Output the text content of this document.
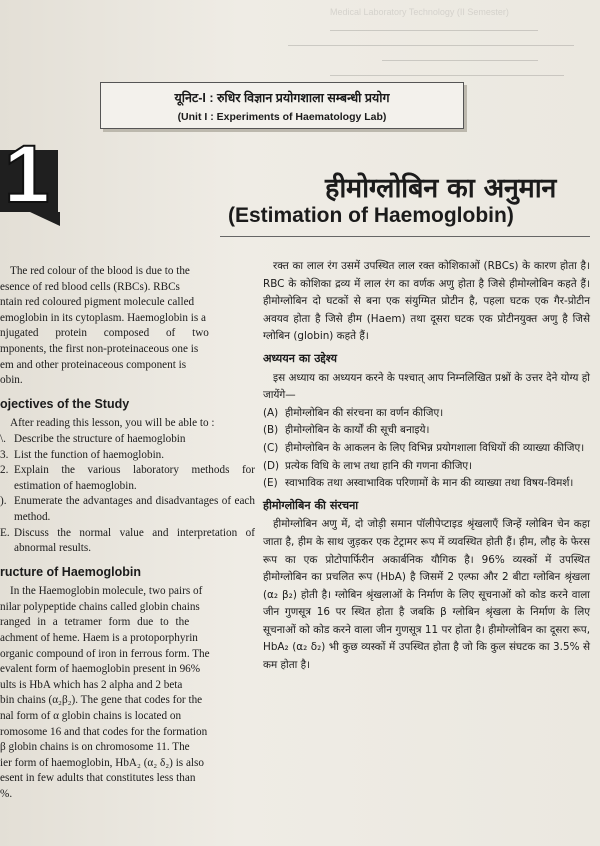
Medical Laboratory Technology (II Semester)
यूनिट-I : रुधिर विज्ञान प्रयोगशाला सम्बन्धी प्रयोग
(Unit I : Experiments of Haematology Lab)
1	हीमोग्लोबिन का अनुमान
(Estimation of Haemoglobin)

The red colour of the blood is due to the

esence of red blood cells (RBCs). RBCs

ntain red coloured pigment molecule called

emoglobin in its cytoplasm. Haemoglobin is a

njugated protein composed of two

mponents, the first non-proteinaceous one is

em and other proteinaceous component is

obin.

ojectives of the Study

After reading this lesson, you will be able to :

\. Describe the structure of haemoglobin
3. List the function of haemoglobin.
2. Explain the various laboratory methods for estimation of haemoglobin.
). Enumerate the advantages and disadvantages of each method.
E. Discuss the normal value and interpretation of abnormal results.
ructure of Haemoglobin

In the Haemoglobin molecule, two pairs of

nilar polypeptide chains called globin chains

ranged in a tetramer form due to the

achment of heme. Haem is a protoporphyrin

organic compound of iron in ferrous form. The

evalent form of haemoglobin present in 96%

ults is HbA which has 2 alpha and 2 beta

bin chains (α₂β₂). The gene that codes for the

nal form of α globin chains is located on

romosome 16 and that codes for the formation

β globin chains is on chromosome 11. The

ier form of haemoglobin, HbA₂ (α₂ δ₂) is also

esent in few adults that constitutes less than

%.

रक्त का लाल रंग उसमें उपस्थित लाल रक्त कोशिकाओं (RBCs) के कारण होता है। RBC के कोशिका द्रव्य में लाल रंग का वर्णक अणु होता है जिसे हीमोग्लोबिन कहते हैं। हीमोग्लोबिन दो घटकों से बना एक संयुग्मित प्रोटीन है, पहला घटक एक गैर-प्रोटीन अवयव होता है जिसे हीम (Haem) तथा दूसरा घटक एक प्रोटीनयुक्त अणु है जिसे ग्लोबिन (globin) कहते हैं।

अध्ययन का उद्देश्य

इस अध्याय का अध्ययन करने के पश्चात् आप निम्नलिखित प्रश्नों के उत्तर देने योग्य हो जायेंगे—

(A) हीमोग्लोबिन की संरचना का वर्णन कीजिए।
(B) हीमोग्लोबिन के कार्यों की सूची बनाइये।
(C) हीमोग्लोबिन के आकलन के लिए विभिन्न प्रयोगशाला विधियों की व्याख्या कीजिए।
(D) प्रत्येक विधि के लाभ तथा हानि की गणना कीजिए।
(E) स्वाभाविक तथा अस्वाभाविक परिणामों के मान की व्याख्या तथा विषय-विमर्श।
हीमोग्लोबिन की संरचना

हीमोग्लोबिन अणु में, दो जोड़ी समान पॉलीपेप्टाइड श्रृंखलाएँ जिन्हें ग्लोबिन चेन कहा जाता है, हीम के साथ जुड़कर एक टेट्रामर रूप में व्यवस्थित होती हैं। हीम, लौह के फेरस रूप का एक प्रोटोपार्फिरीन अकार्बनिक यौगिक है। 96% व्यस्कों में उपस्थित हीमोग्लोबिन का प्रचलित रूप (HbA) है जिसमें 2 एल्फा और 2 बीटा ग्लोबिन श्रृंखला (α₂ β₂) होती है। ग्लोबिन श्रृंखलाओं के निर्माण के लिए सूचनाओं को कोड करने वाला जीन गुणसूत्र 16 पर स्थित होता है जबकि β ग्लोबिन श्रृंखला के निर्माण के लिए सूचनाओं को कोड करने वाला जीन गुणसूत्र 11 पर होता है। हीमोग्लोबिन का दूसरा रूप, HbA₂ (α₂ δ₂) भी कुछ व्यस्कों में उपस्थित होता है जो कि कुल संघटक का 3.5% से कम होता है।
